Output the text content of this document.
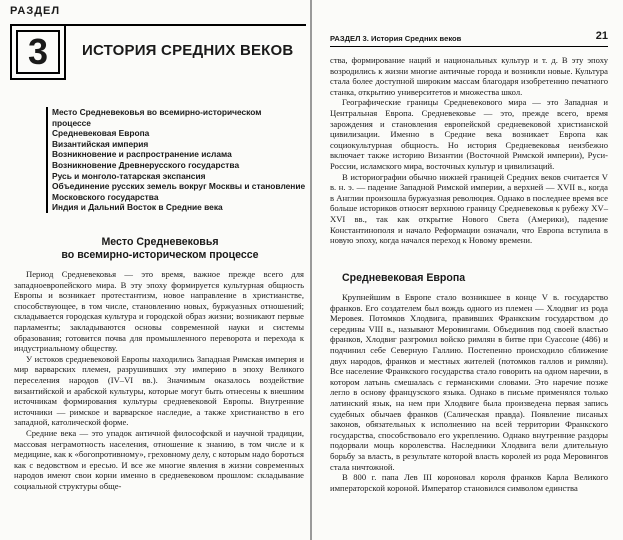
РАЗДЕЛ
3	ИСТОРИЯ СРЕДНИХ ВЕКОВ
Место Средневековья во всемирно-историческом
процессе
Средневековая Европа
Византийская империя
Возникновение и распространение ислама
Возникновение Древнерусского государства
Русь и монголо-татарская экспансия
Объединение русских земель вокруг Москвы и становление
Московского государства
Индия и Дальний Восток в Средние века
Место Средневековья
во всемирно-историческом процессе

Период Средневековья — это время, важное прежде всего для западноевропейского мира. В эту эпоху формируется культурная общность Европы и возникает протестантизм, новое направление в христианстве, способствующее, в том числе, становлению новых, буржуазных отношений; складывается городская культура и городской образ жизни; возникают первые парламенты; закладываются основы современной науки и системы образования; готовится почва для промышленного переворота и перехода к индустриальному обществу.

У истоков средневековой Европы находились Западная Римская империя и мир варварских племен, разрушивших эту империю в эпоху Великого переселения народов (IV–VI вв.). Значимым оказалось воздействие византийской и арабской культуры, которые могут быть отнесены к внешним источникам формирования культуры средневековой Европы. Внутренние источники — римское и варварское наследие, а также христианство в его западной, католической форме.

Средние века — это упадок античной философской и научной традиции, массовая неграмотность населения, отношение к знанию, в том числе и к медицине, как к «богопротивному», греховному делу, с которым надо бороться как с ведовством и ересью. И все же многие явления в жизни современных народов имеют свои корни именно в средневековом прошлом: складывание социальной структуры обще-

РАЗДЕЛ 3. История Средних веков	21

ства, формирование наций и национальных культур и т. д. В эту эпоху возродились к жизни многие античные города и возникли новые. Культура стала более доступной широким массам благодаря изобретению печатного станка, открытию университетов и множества школ.

Географические границы Средневекового мира — это Западная и Центральная Европа. Средневековье — это, прежде всего, время зарождения и становления европейской средневековой христианской цивилизации. Именно в Средние века возникает Европа как социокультурная общность. Но история Средневековья неизбежно включает также историю Византии (Восточной Римской империи), Руси-России, исламского мира, восточных культур и цивилизаций.

В историографии обычно нижней границей Средних веков считается V в. н. э. — падение Западной Римской империи, а верхней — XVII в., когда в Англии произошла буржуазная революция. Однако в последнее время все больше историков относят верхнюю границу Средневековья к рубежу XV–XVI вв., так как открытие Нового Света (Америки), падение Константинополя и начало Реформации означали, что Европа вступила в новую эпоху, когда начался переход к Новому времени.

Средневековая Европа

Крупнейшим в Европе стало возникшее в конце V в. государство франков. Его создателем был вождь одного из племен — Хлодвиг из рода Меровея. Потомков Хлодвига, правивших Франкским государством до середины VIII в., называют Меровингами. Объединив под своей властью франков, Хлодвиг разгромил войско римлян в битве при Суассоне (486) и подчинил себе Северную Галлию. Постепенно происходило сближение двух народов, франков и местных жителей (потомков галлов и римлян). Все население Франкского государства стало говорить на одном наречии, в котором латынь смешалась с германскими словами. Это наречие позже легло в основу французского языка. Однако в письме применялся только латинский язык, на нем при Хлодвиге была произведена первая запись судебных обычаев франков (Салическая правда). Появление писаных законов, обязательных к исполнению на всей территории Франкского государства, способствовало его укреплению. Однако внутренние раздоры подорвали мощь королевства. Наследники Хлодвига вели длительную борьбу за власть, в результате которой власть королей из рода Меровингов стала ничтожной.

В 800 г. папа Лев III короновал короля франков Карла Великого императорской короной. Император становился символом единства
